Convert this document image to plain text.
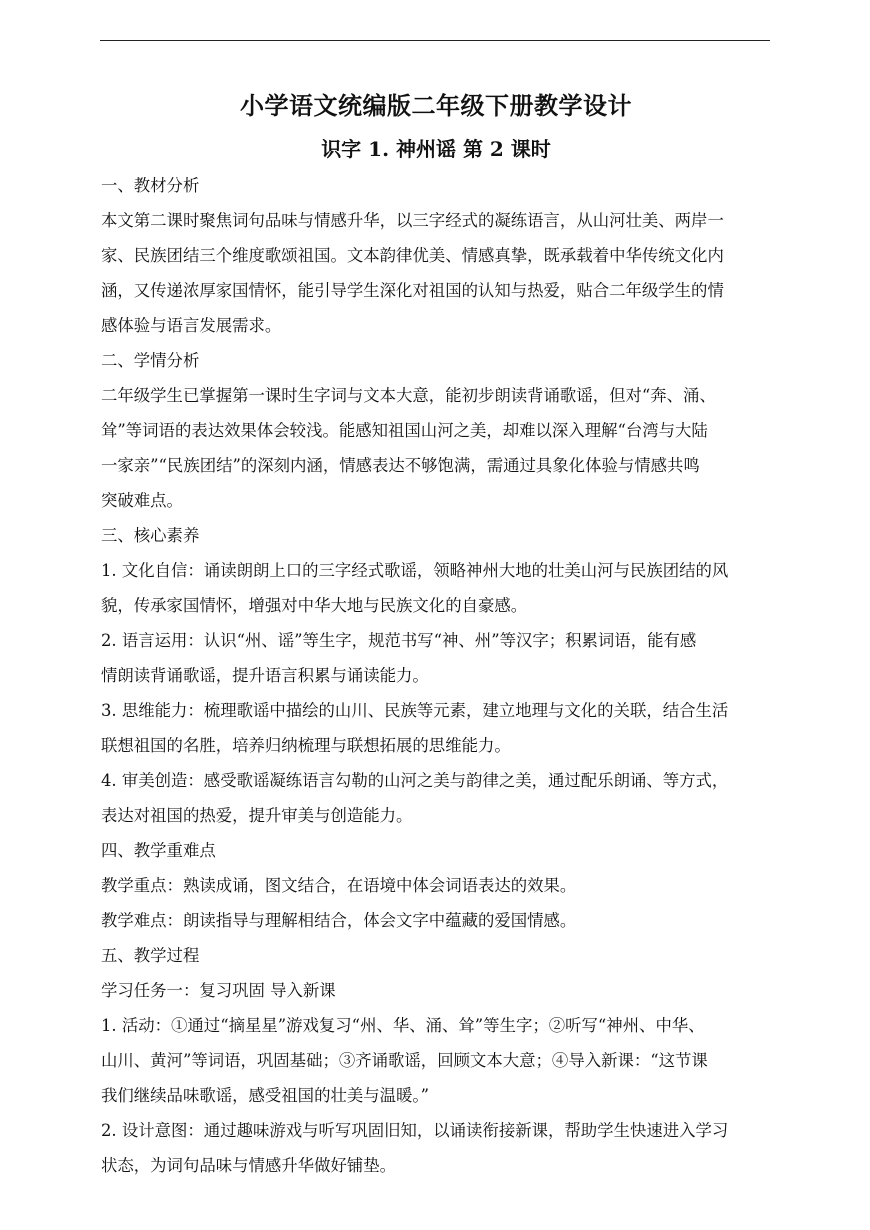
小学语文统编版二年级下册教学设计
识字 1. 神州谣 第 2 课时
一、教材分析
本文第二课时聚焦词句品味与情感升华，以三字经式的凝练语言，从山河壮美、两岸一
家、民族团结三个维度歌颂祖国。文本韵律优美、情感真挚，既承载着中华传统文化内
涵，又传递浓厚家国情怀，能引导学生深化对祖国的认知与热爱，贴合二年级学生的情
感体验与语言发展需求。
二、学情分析
二年级学生已掌握第一课时生字词与文本大意，能初步朗读背诵歌谣，但对“奔、涌、
耸”等词语的表达效果体会较浅。能感知祖国山河之美，却难以深入理解“台湾与大陆
一家亲”“民族团结”的深刻内涵，情感表达不够饱满，需通过具象化体验与情感共鸣
突破难点。
三、核心素养
1. 文化自信：诵读朗朗上口的三字经式歌谣，领略神州大地的壮美山河与民族团结的风
貌，传承家国情怀，增强对中华大地与民族文化的自豪感。
2. 语言运用：认识“州、谣”等生字，规范书写“神、州”等汉字；积累词语，能有感
情朗读背诵歌谣，提升语言积累与诵读能力。
3. 思维能力：梳理歌谣中描绘的山川、民族等元素，建立地理与文化的关联，结合生活
联想祖国的名胜，培养归纳梳理与联想拓展的思维能力。
4. 审美创造：感受歌谣凝练语言勾勒的山河之美与韵律之美，通过配乐朗诵、等方式，
表达对祖国的热爱，提升审美与创造能力。
四、教学重难点
教学重点：熟读成诵，图文结合，在语境中体会词语表达的效果。
教学难点：朗读指导与理解相结合，体会文字中蕴藏的爱国情感。
五、教学过程
学习任务一：复习巩固 导入新课
1. 活动：①通过“摘星星”游戏复习“州、华、涌、耸”等生字；②听写“神州、中华、
山川、黄河”等词语，巩固基础；③齐诵歌谣，回顾文本大意；④导入新课：“这节课
我们继续品味歌谣，感受祖国的壮美与温暖。”
2. 设计意图：通过趣味游戏与听写巩固旧知，以诵读衔接新课，帮助学生快速进入学习
状态，为词句品味与情感升华做好铺垫。
